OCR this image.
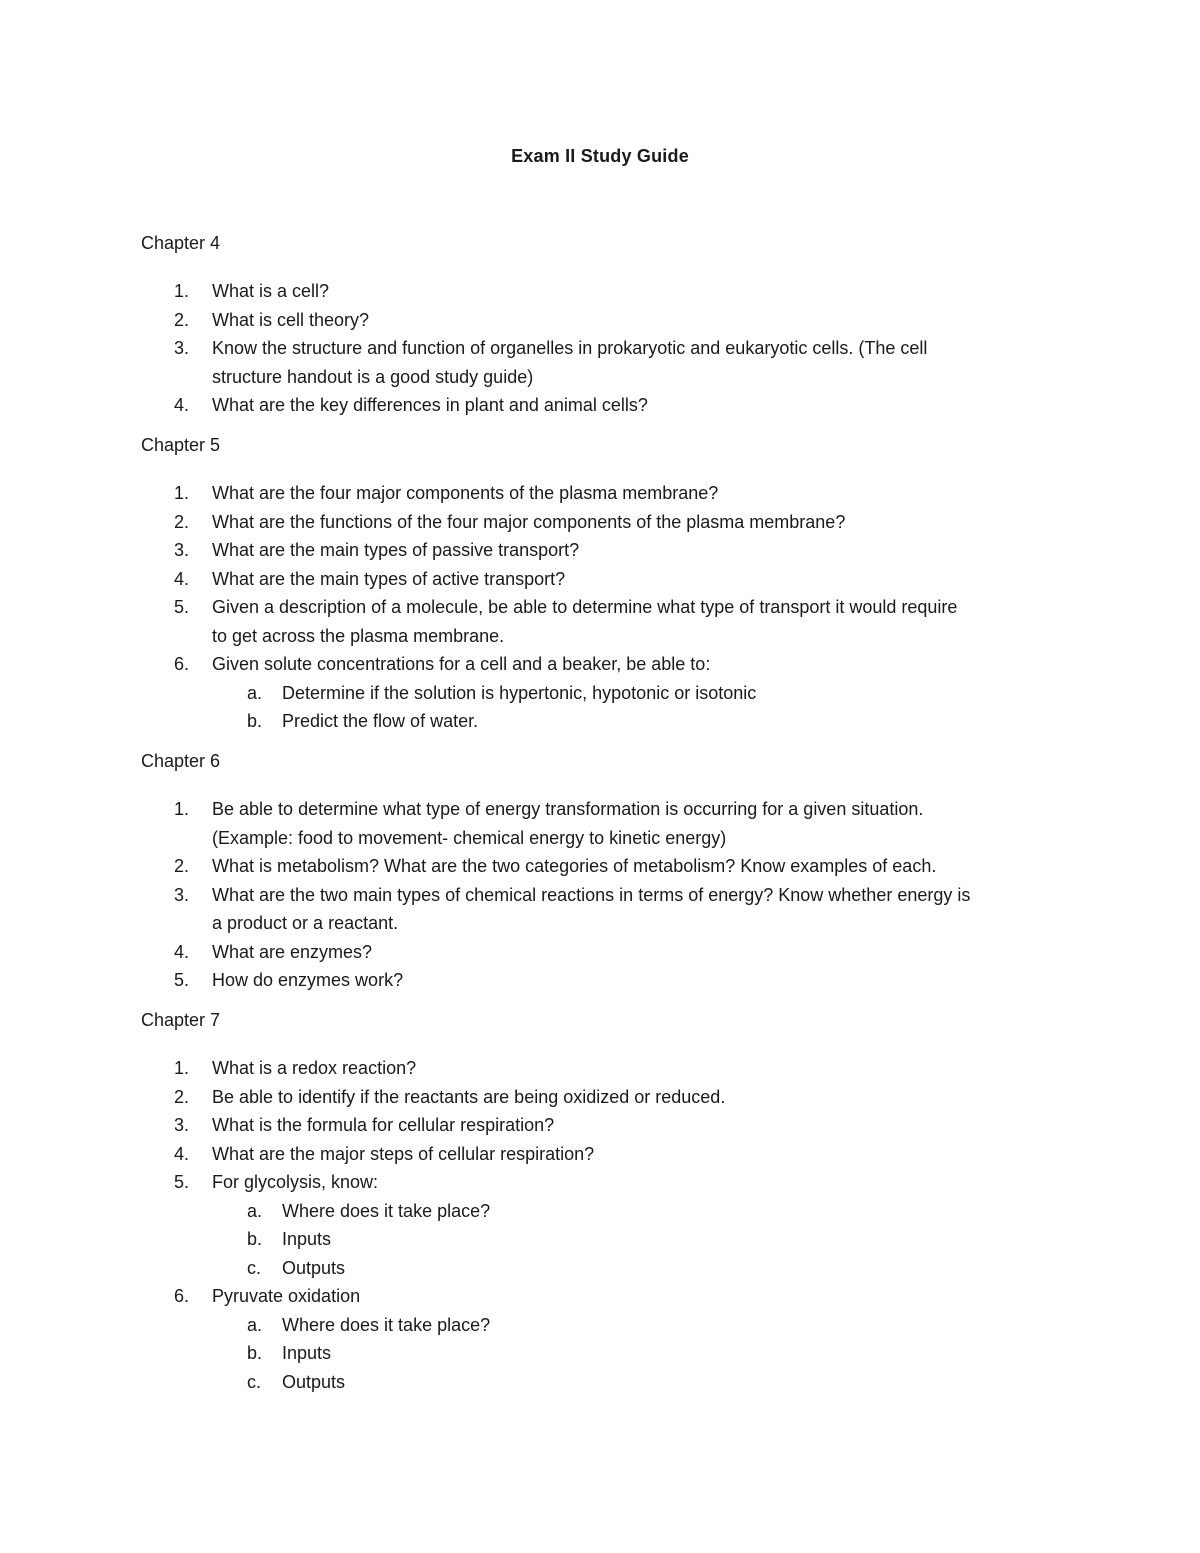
Exam II Study Guide
Chapter 4
1. What is a cell?
2. What is cell theory?
3. Know the structure and function of organelles in prokaryotic and eukaryotic cells. (The cell
structure handout is a good study guide)
4. What are the key differences in plant and animal cells?
Chapter 5
1. What are the four major components of the plasma membrane?
2. What are the functions of the four major components of the plasma membrane?
3. What are the main types of passive transport?
4. What are the main types of active transport?
5. Given a description of a molecule, be able to determine what type of transport it would require
to get across the plasma membrane.
6. Given solute concentrations for a cell and a beaker, be able to:
a. Determine if the solution is hypertonic, hypotonic or isotonic
b. Predict the flow of water.
Chapter 6
1. Be able to determine what type of energy transformation is occurring for a given situation.
(Example: food to movement- chemical energy to kinetic energy)
2. What is metabolism? What are the two categories of metabolism? Know examples of each.
3. What are the two main types of chemical reactions in terms of energy? Know whether energy is
a product or a reactant.
4. What are enzymes?
5. How do enzymes work?
Chapter 7
1. What is a redox reaction?
2. Be able to identify if the reactants are being oxidized or reduced.
3. What is the formula for cellular respiration?
4. What are the major steps of cellular respiration?
5. For glycolysis, know:
a. Where does it take place?
b. Inputs
c. Outputs
6. Pyruvate oxidation
a. Where does it take place?
b. Inputs
c. Outputs
